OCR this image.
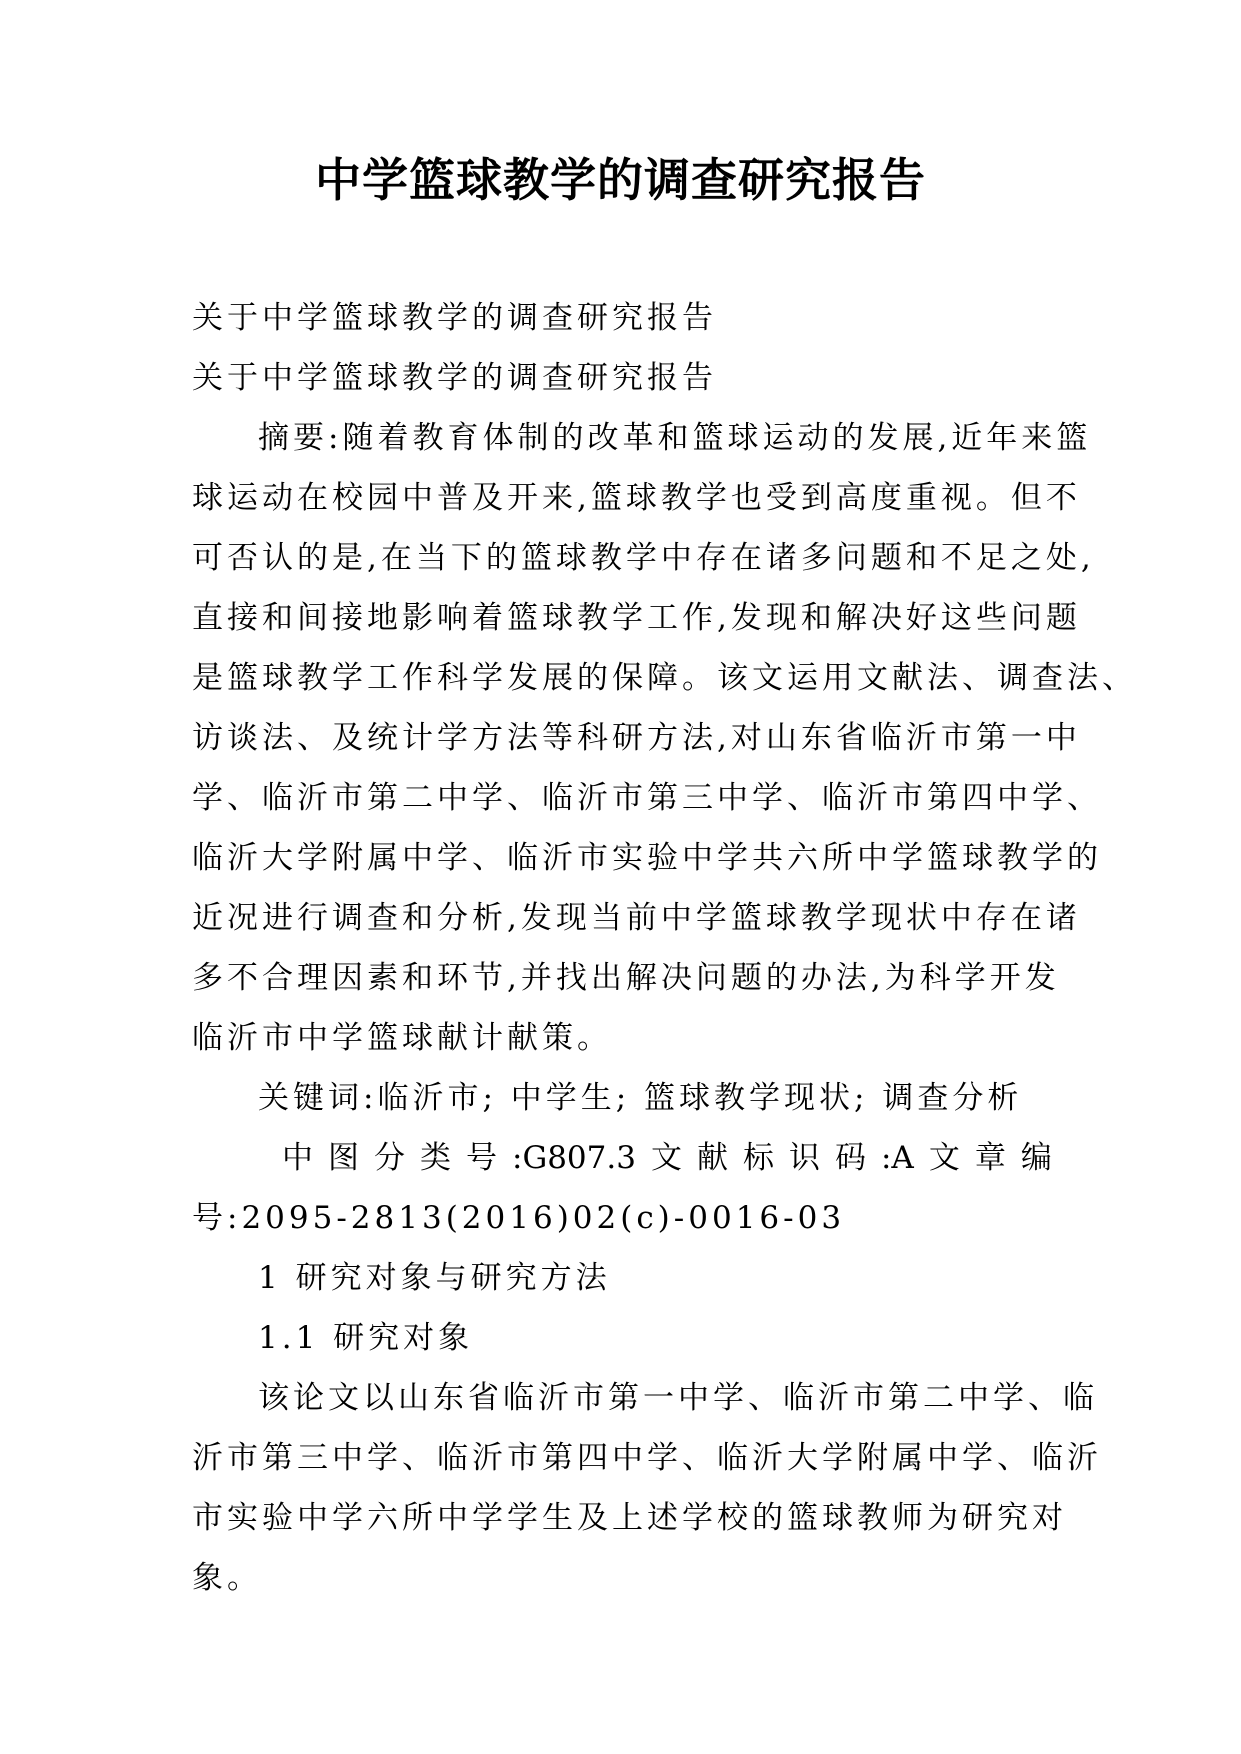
中学篮球教学的调查研究报告
关于中学篮球教学的调查研究报告
关于中学篮球教学的调查研究报告
摘要:随着教育体制的改革和篮球运动的发展,近年来篮
球运动在校园中普及开来,篮球教学也受到高度重视。但不
可否认的是,在当下的篮球教学中存在诸多问题和不足之处,
直接和间接地影响着篮球教学工作,发现和解决好这些问题
是篮球教学工作科学发展的保障。该文运用文献法、调查法、
访谈法、及统计学方法等科研方法,对山东省临沂市第一中
学、临沂市第二中学、临沂市第三中学、临沂市第四中学、
临沂大学附属中学、临沂市实验中学共六所中学篮球教学的
近况进行调查和分析,发现当前中学篮球教学现状中存在诸
多不合理因素和环节,并找出解决问题的办法,为科学开发
临沂市中学篮球献计献策。
关键词:临沂市; 中学生; 篮球教学现状; 调查分析
中 图 分 类 号 :G807.3 文 献 标 识 码 :A 文 章 编
号:2095-2813(2016)02(c)-0016-03
1 研究对象与研究方法
1.1 研究对象
该论文以山东省临沂市第一中学、临沂市第二中学、临
沂市第三中学、临沂市第四中学、临沂大学附属中学、临沂
市实验中学六所中学学生及上述学校的篮球教师为研究对
象。
